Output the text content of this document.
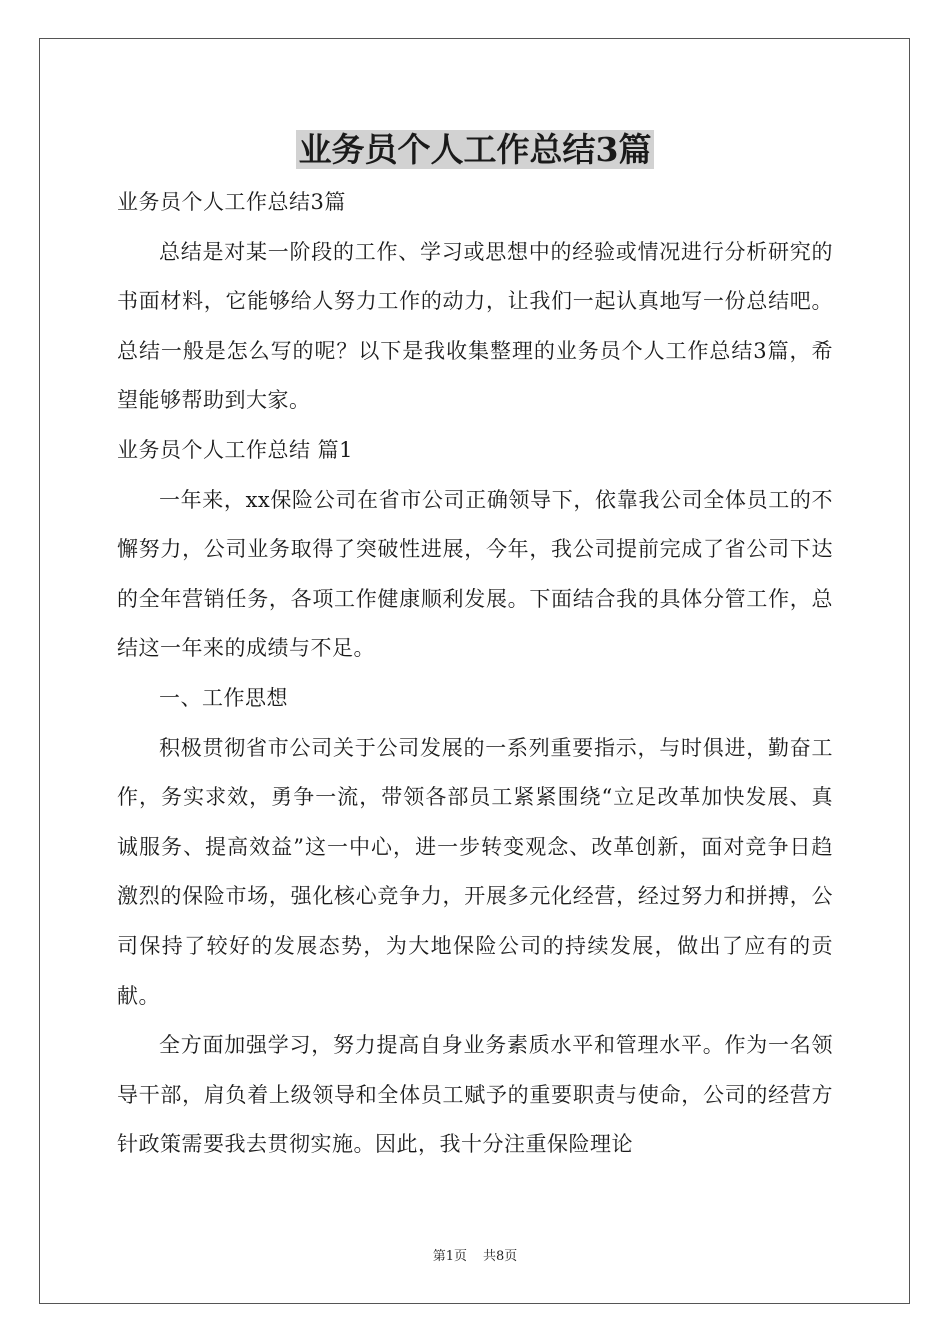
业务员个人工作总结3篇

业务员个人工作总结3篇

总结是对某一阶段的工作、学习或思想中的经验或情况进行分析研究的书面材料，它能够给人努力工作的动力，让我们一起认真地写一份总结吧。总结一般是怎么写的呢？以下是我收集整理的业务员个人工作总结3篇，希望能够帮助到大家。

业务员个人工作总结 篇1

一年来，xx保险公司在省市公司正确领导下，依靠我公司全体员工的不懈努力，公司业务取得了突破性进展，今年，我公司提前完成了省公司下达的全年营销任务，各项工作健康顺利发展。下面结合我的具体分管工作，总结这一年来的成绩与不足。

一、工作思想

积极贯彻省市公司关于公司发展的一系列重要指示，与时俱进，勤奋工作，务实求效，勇争一流，带领各部员工紧紧围绕“立足改革加快发展、真诚服务、提高效益”这一中心，进一步转变观念、改革创新，面对竞争日趋激烈的保险市场，强化核心竞争力，开展多元化经营，经过努力和拼搏，公司保持了较好的发展态势，为大地保险公司的持续发展，做出了应有的贡献。

全方面加强学习，努力提高自身业务素质水平和管理水平。作为一名领导干部，肩负着上级领导和全体员工赋予的重要职责与使命，公司的经营方针政策需要我去贯彻实施。因此，我十分注重保险理论

第1页 共8页
